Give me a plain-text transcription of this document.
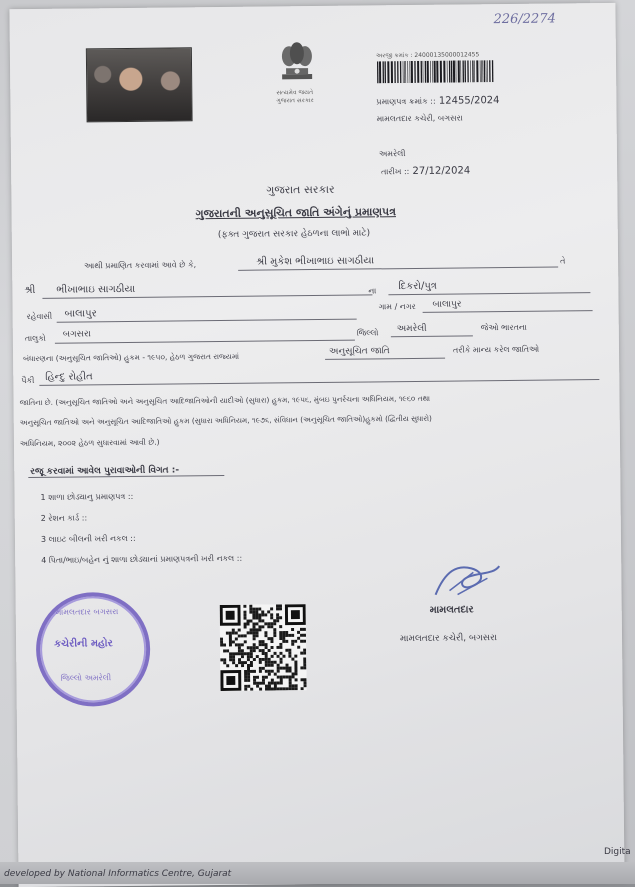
226/2274
સત્યમેવ જયતે
ગુજરાત સરકાર
અરજી ક્રમાંક : 24000135000012455
પ્રમાણપત્ર ક્રમાંક :: 12455/2024
મામલતદાર કચેરી, બગસરા
અમરેલી
તારીખ :: 27/12/2024
ગુજરાત સરકાર
ગુજરાતની અનુસૂચિત જાતિ અંગેનું પ્રમાણપત્ર
(ફક્ત ગુજરાત સરકાર હેઠળના લાભો માટે)
આથી પ્રમાણિત કરવામાં આવે છે કે,	શ્રી મુકેશ ભીખાભાઇ સાગઠીયા	તે
શ્રી ભીખાભાઇ સાગઠીયા	ના દિકરો/પુત્ર
રહેવાસી બાલાપુર
ગામ / નગર બાલાપુર
તાલુકો બગસરા	જિલ્લો અમરેલી	જેઓ ભારતના
બંધારણના (અનુસૂચિત જાતિઓ) હુકમ - ૧૯૫૦, હેઠળ ગુજરાત રાજ્યમાં
અનુસૂચિત જાતિ	તરીકે માન્ય કરેલ જાતિઓ
પૈકી હિન્દુ રોહીત
જાતિના છે. (અનુસૂચિત જાતિઓ અને અનુસૂચિત આદિજાતિઓની યાદીઓ (સુધારા) હુકમ, ૧૯૫૬, મુંબઇ પુનર્રચના અધિનિયમ, ૧૯૬૦ તથા
અનુસૂચિત જાતિઓ અને અનુસૂચિત આદિજાતિઓ હુકમ (સુધારા અધિનિયમ, ૧૯૭૬, સંવિધાન (અનુસૂચિત જાતિઓ)હુકમો (દ્વિતીય સુધારો)
અધિનિયમ, ૨૦૦૨ હેઠળ સુધારવામાં આવી છે.)
રજૂ કરવામાં આવેલ પુરાવાઓની વિગત :-
1 શાળા છોડ્યાનુ પ્રમાણપત્ર ::
2 રેશન કાર્ડ ::
3 લાઇટ બીલની ખરી નકલ ::
4 પિતા/ભાઇ/બહેન નું શાળા છોડ્યાનાં પ્રમાણપત્રની ખરી નકલ ::
મામલતદાર
મામલતદાર કચેરી, બગસરા
મામલતદાર બગસરા
કચેરીની મહોર
જિલ્લો અમરેલી
developed by National Informatics Centre, Gujarat
Digita
